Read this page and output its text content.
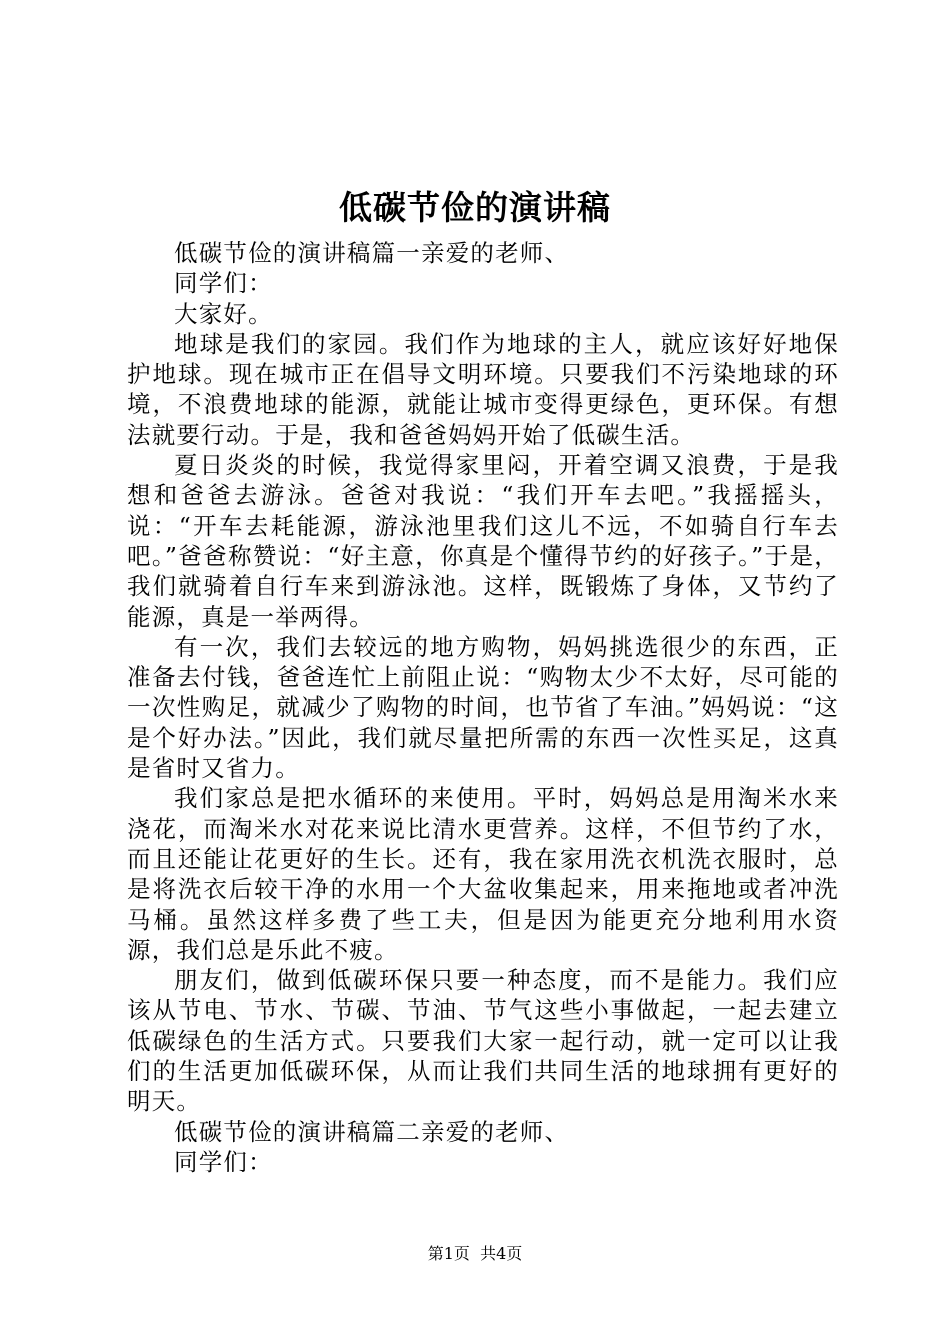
低碳节俭的演讲稿

低碳节俭的演讲稿篇一亲爱的老师、

同学们：

大家好。

地球是我们的家园。我们作为地球的主人，就应该好好地保护地球。现在城市正在倡导文明环境。只要我们不污染地球的环境，不浪费地球的能源，就能让城市变得更绿色，更环保。有想法就要行动。于是，我和爸爸妈妈开始了低碳生活。

夏日炎炎的时候，我觉得家里闷，开着空调又浪费，于是我想和爸爸去游泳。爸爸对我说：“我们开车去吧。”我摇摇头，说：“开车去耗能源，游泳池里我们这儿不远，不如骑自行车去吧。”爸爸称赞说：“好主意，你真是个懂得节约的好孩子。”于是，我们就骑着自行车来到游泳池。这样，既锻炼了身体，又节约了能源，真是一举两得。

有一次，我们去较远的地方购物，妈妈挑选很少的东西，正准备去付钱，爸爸连忙上前阻止说：“购物太少不太好，尽可能的一次性购足，就减少了购物的时间，也节省了车油。”妈妈说：“这是个好办法。”因此，我们就尽量把所需的东西一次性买足，这真是省时又省力。

我们家总是把水循环的来使用。平时，妈妈总是用淘米水来浇花，而淘米水对花来说比清水更营养。这样，不但节约了水，而且还能让花更好的生长。还有，我在家用洗衣机洗衣服时，总是将洗衣后较干净的水用一个大盆收集起来，用来拖地或者冲洗马桶。虽然这样多费了些工夫，但是因为能更充分地利用水资源，我们总是乐此不疲。

朋友们，做到低碳环保只要一种态度，而不是能力。我们应该从节电、节水、节碳、节油、节气这些小事做起，一起去建立低碳绿色的生活方式。只要我们大家一起行动，就一定可以让我们的生活更加低碳环保，从而让我们共同生活的地球拥有更好的明天。

低碳节俭的演讲稿篇二亲爱的老师、

同学们：

第1页  共4页
